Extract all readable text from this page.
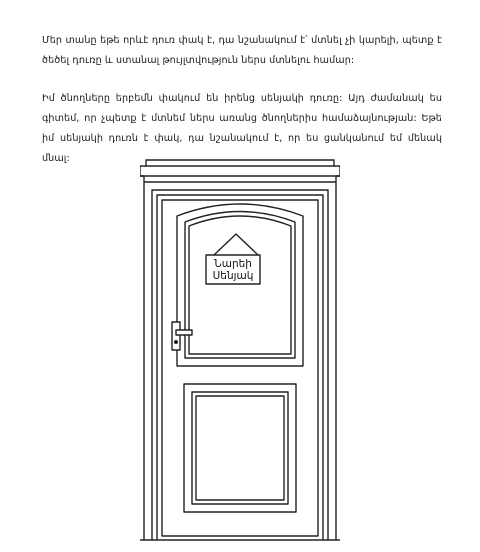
Մեր տանը եթե որևէ դուռ փակ է, դա նշանակում է՝ մտնել չի կարելի, պետք է ծեծել դուռը և ստանալ թույլտվություն ներս մտնելու համար:

Իմ ծնողները երբեմն փակում են իրենց սենյակի դուռը: Այդ ժամանակ ես գիտեմ, որ չպետք է մտնեմ ներս առանց ծնողներիս համաձայնության: Եթե իմ սենյակի դուռն է փակ, դա նշանակում է, որ ես ցանկանում եմ մենակ մնալ:

Նարեի
Սենյակ
